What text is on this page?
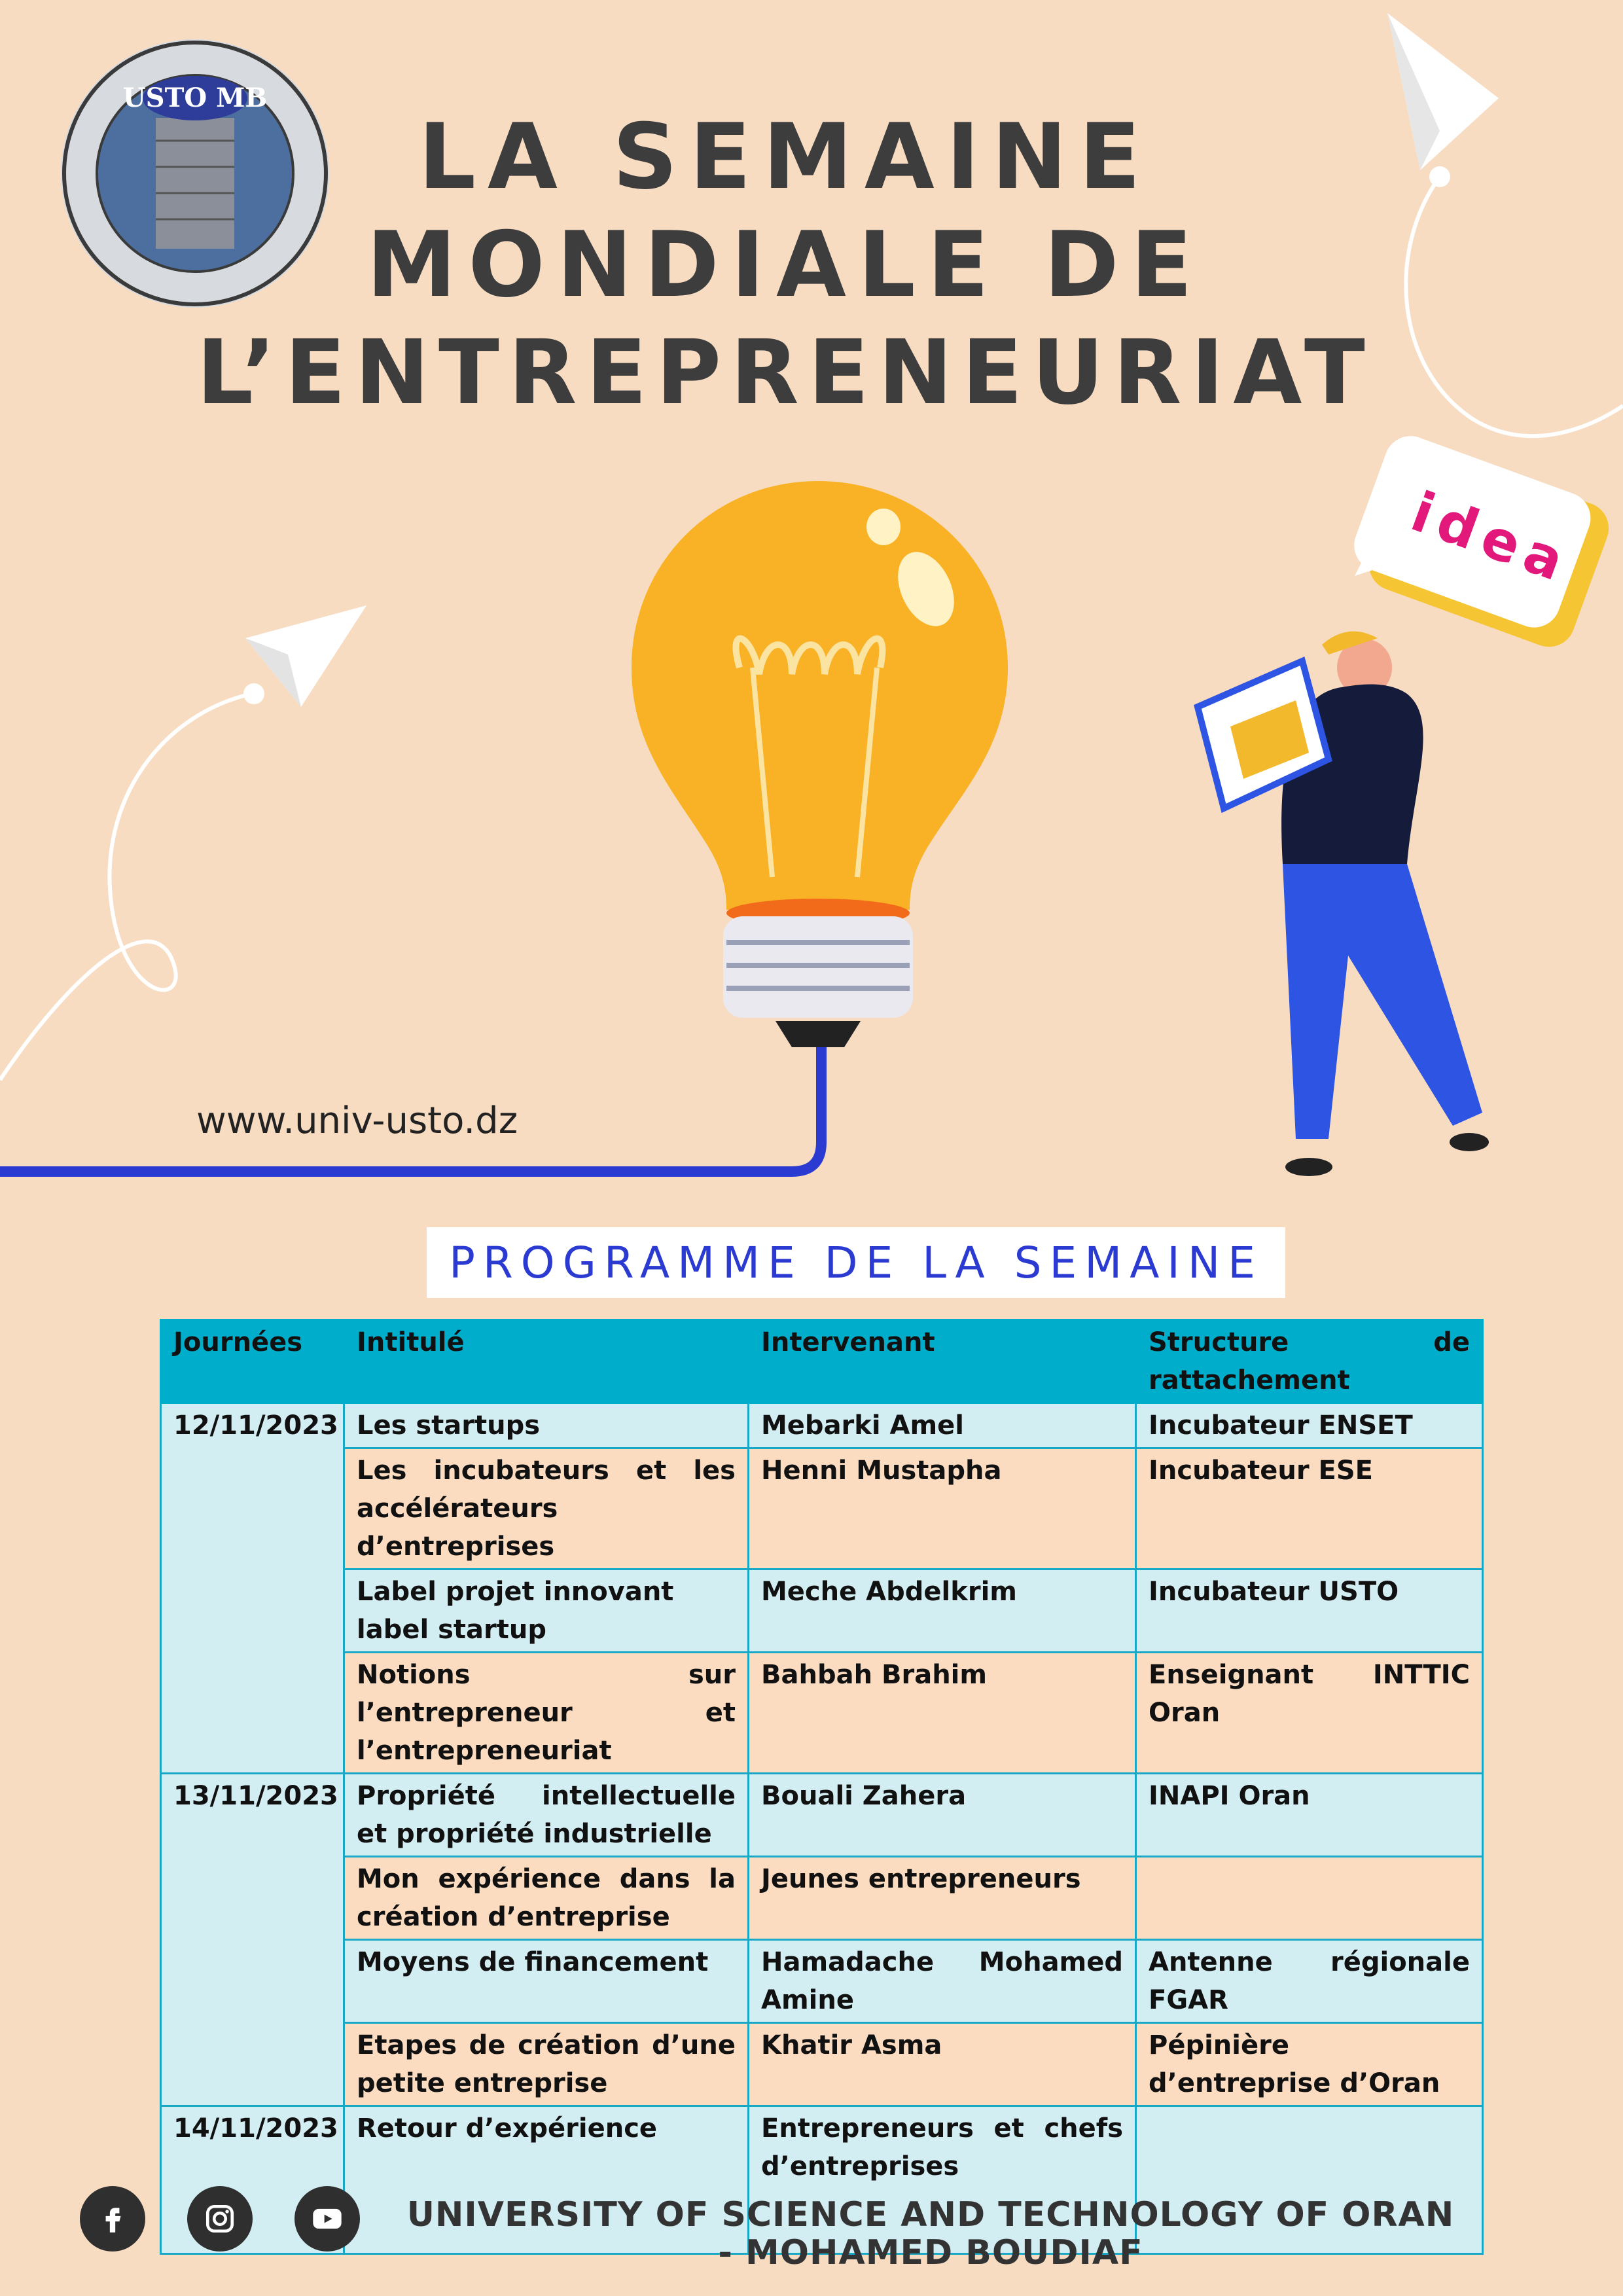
idea
USTO MB
LA SEMAINE
MONDIALE DE
L’ENTREPRENEURIAT
www.univ-usto.dz
PROGRAMME DE LA SEMAINE
Journées	Intitulé	Intervenant	Structure de rattachement
12/11/2023	Les startups	Mebarki Amel	Incubateur ENSET
	Les incubateurs et les accélérateurs d’entreprises	Henni Mustapha	Incubateur ESE
	Label projet innovant label startup	Meche Abdelkrim	Incubateur USTO
	Notions sur l’entrepreneur et l’entrepreneuriat	Bahbah Brahim	Enseignant INTTIC Oran
13/11/2023	Propriété intellectuelle et propriété industrielle	Bouali Zahera	INAPI Oran
	Mon expérience dans la création d’entreprise	Jeunes entrepreneurs	
	Moyens de financement	Hamadache Mohamed Amine	Antenne régionale FGAR
	Etapes de création d’une petite entreprise	Khatir Asma	Pépinière d’entreprise d’Oran
14/11/2023	Retour d’expérience	Entrepreneurs et chefs d’entreprises	
UNIVERSITY OF SCIENCE AND TECHNOLOGY OF ORAN
- MOHAMED BOUDIAF
